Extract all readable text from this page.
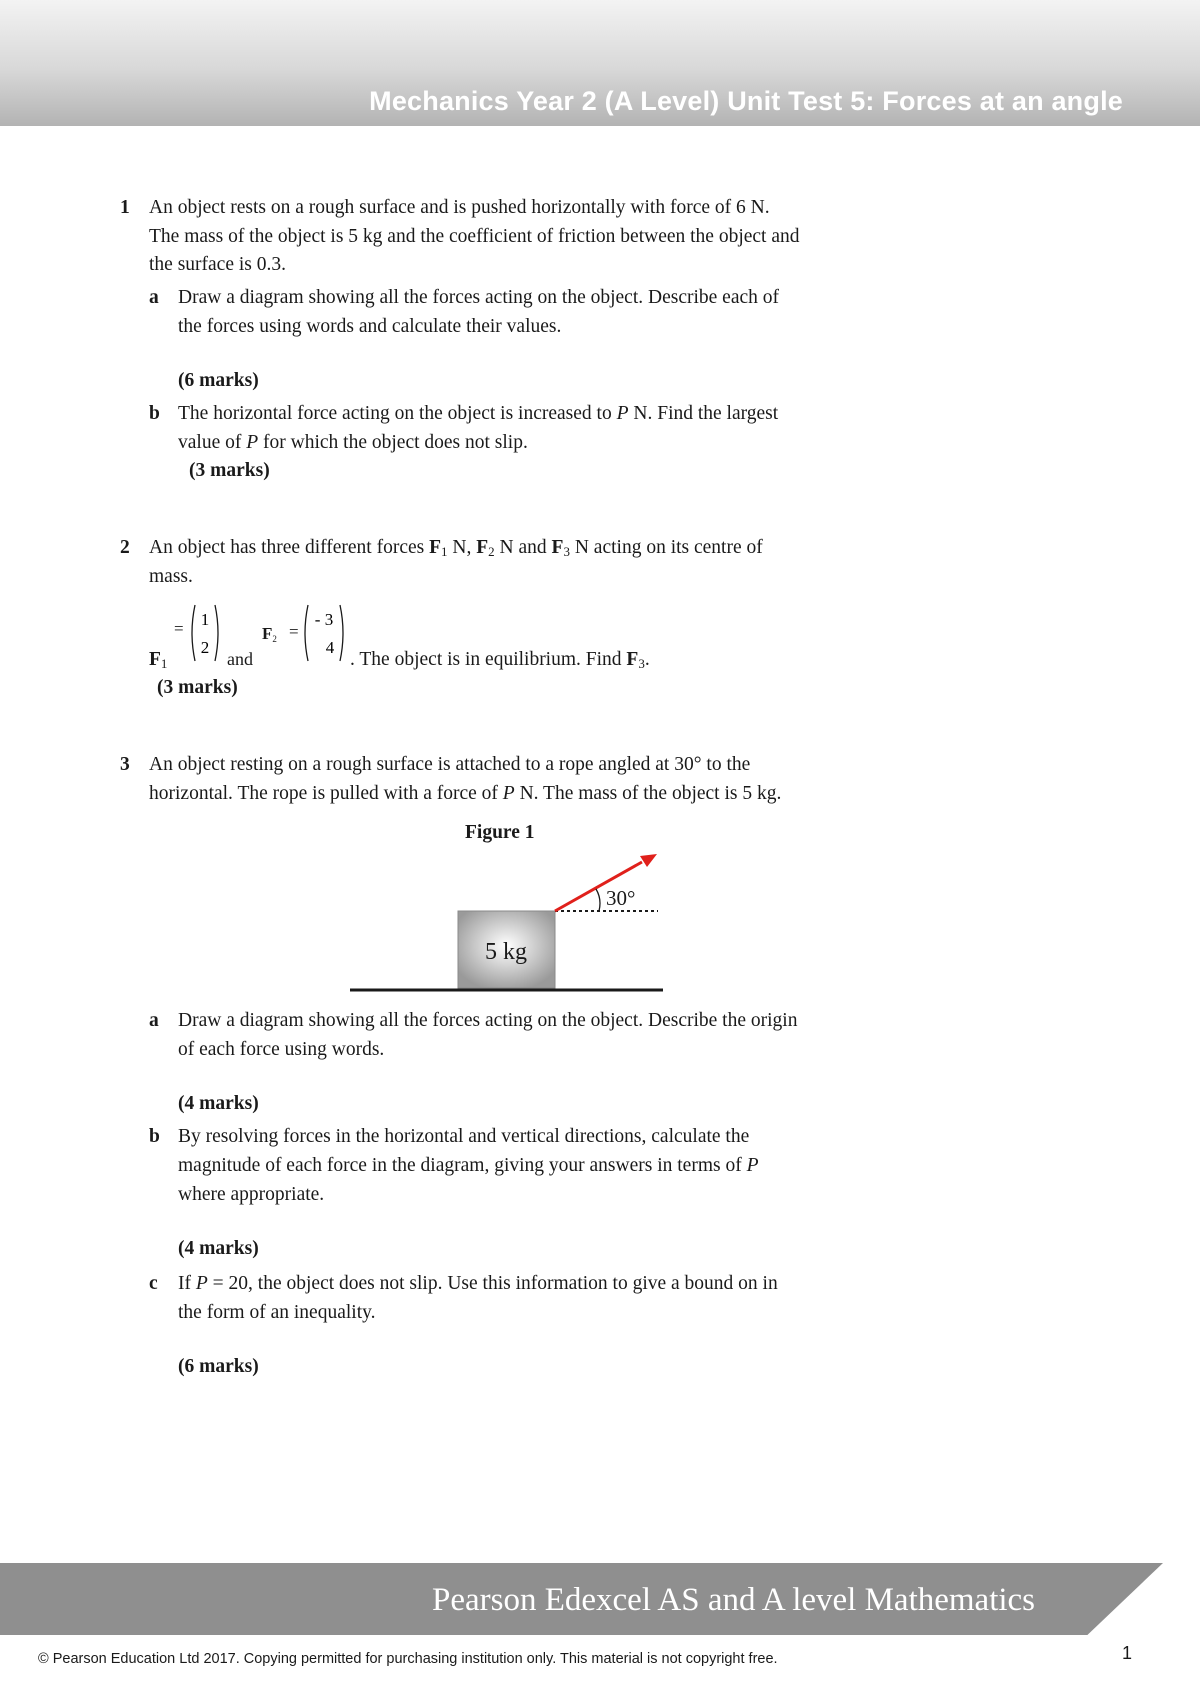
Mechanics Year 2 (A Level) Unit Test 5: Forces at an angle
1 An object rests on a rough surface and is pushed horizontally with force of 6 N.
The mass of the object is 5 kg and the coefficient of friction between the object and
the surface is 0.3.
a Draw a diagram showing all the forces acting on the object. Describe each of
the forces using words and calculate their values.
(6 marks)
b The horizontal force acting on the object is increased to P N. Find the largest
value of P for which the object does not slip.
(3 marks)
2 An object has three different forces $F_1$ N, $F_2$ N and $F_3$ N acting on its centre of
mass.
$F_1$
= 1
2
and
$F_2$ =
- 3
4
. The object is in equilibrium. Find $F_3$.
(3 marks)
3 An object resting on a rough surface is attached to a rope angled at 30° to the
horizontal. The rope is pulled with a force of P N. The mass of the object is 5 kg.
Figure 1
5 kg
30°
a Draw a diagram showing all the forces acting on the object. Describe the origin
of each force using words.
(4 marks)
b By resolving forces in the horizontal and vertical directions, calculate the
magnitude of each force in the diagram, giving your answers in terms of P
where appropriate.
(4 marks)
c If P = 20, the object does not slip. Use this information to give a bound on in
the form of an inequality.
(6 marks)
Pearson Edexcel AS and A level Mathematics
© Pearson Education Ltd 2017. Copying permitted for purchasing institution only. This material is not copyright free.	1
